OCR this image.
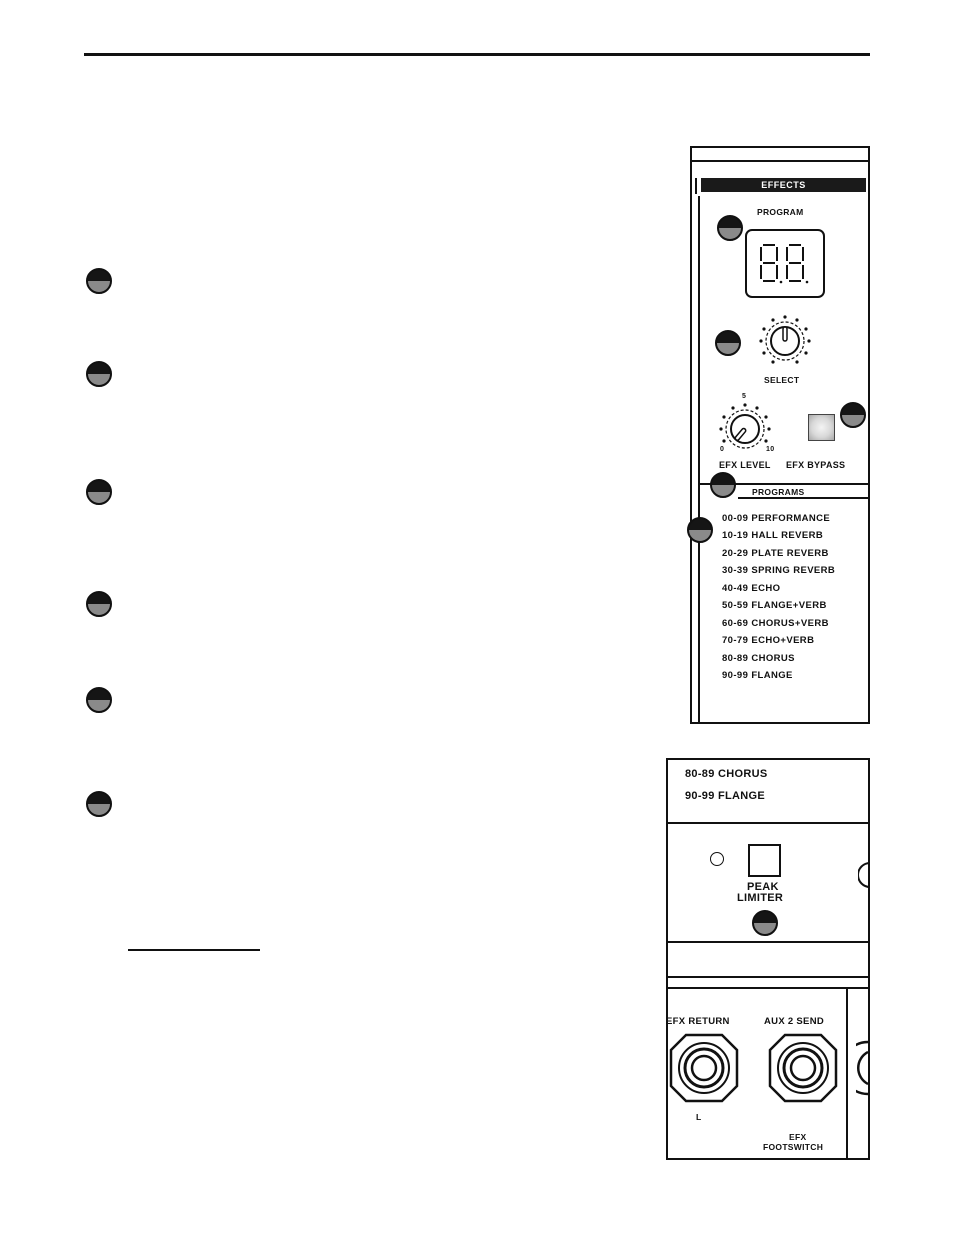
EFFECTS
PROGRAM
SELECT
5
0	10
EFX LEVEL EFX BYPASS
PROGRAMS
00-09 PERFORMANCE
10-19 HALL REVERB
20-29 PLATE REVERB
30-39 SPRING REVERB
40-49 ECHO
50-59 FLANGE+VERB
60-69 CHORUS+VERB
70-79 ECHO+VERB
80-89 CHORUS
90-99 FLANGE
80-89 CHORUS
90-99 FLANGE
PEAK
LIMITER
EFX RETURN	AUX 2 SEND
L
EFX
FOOTSWITCH
